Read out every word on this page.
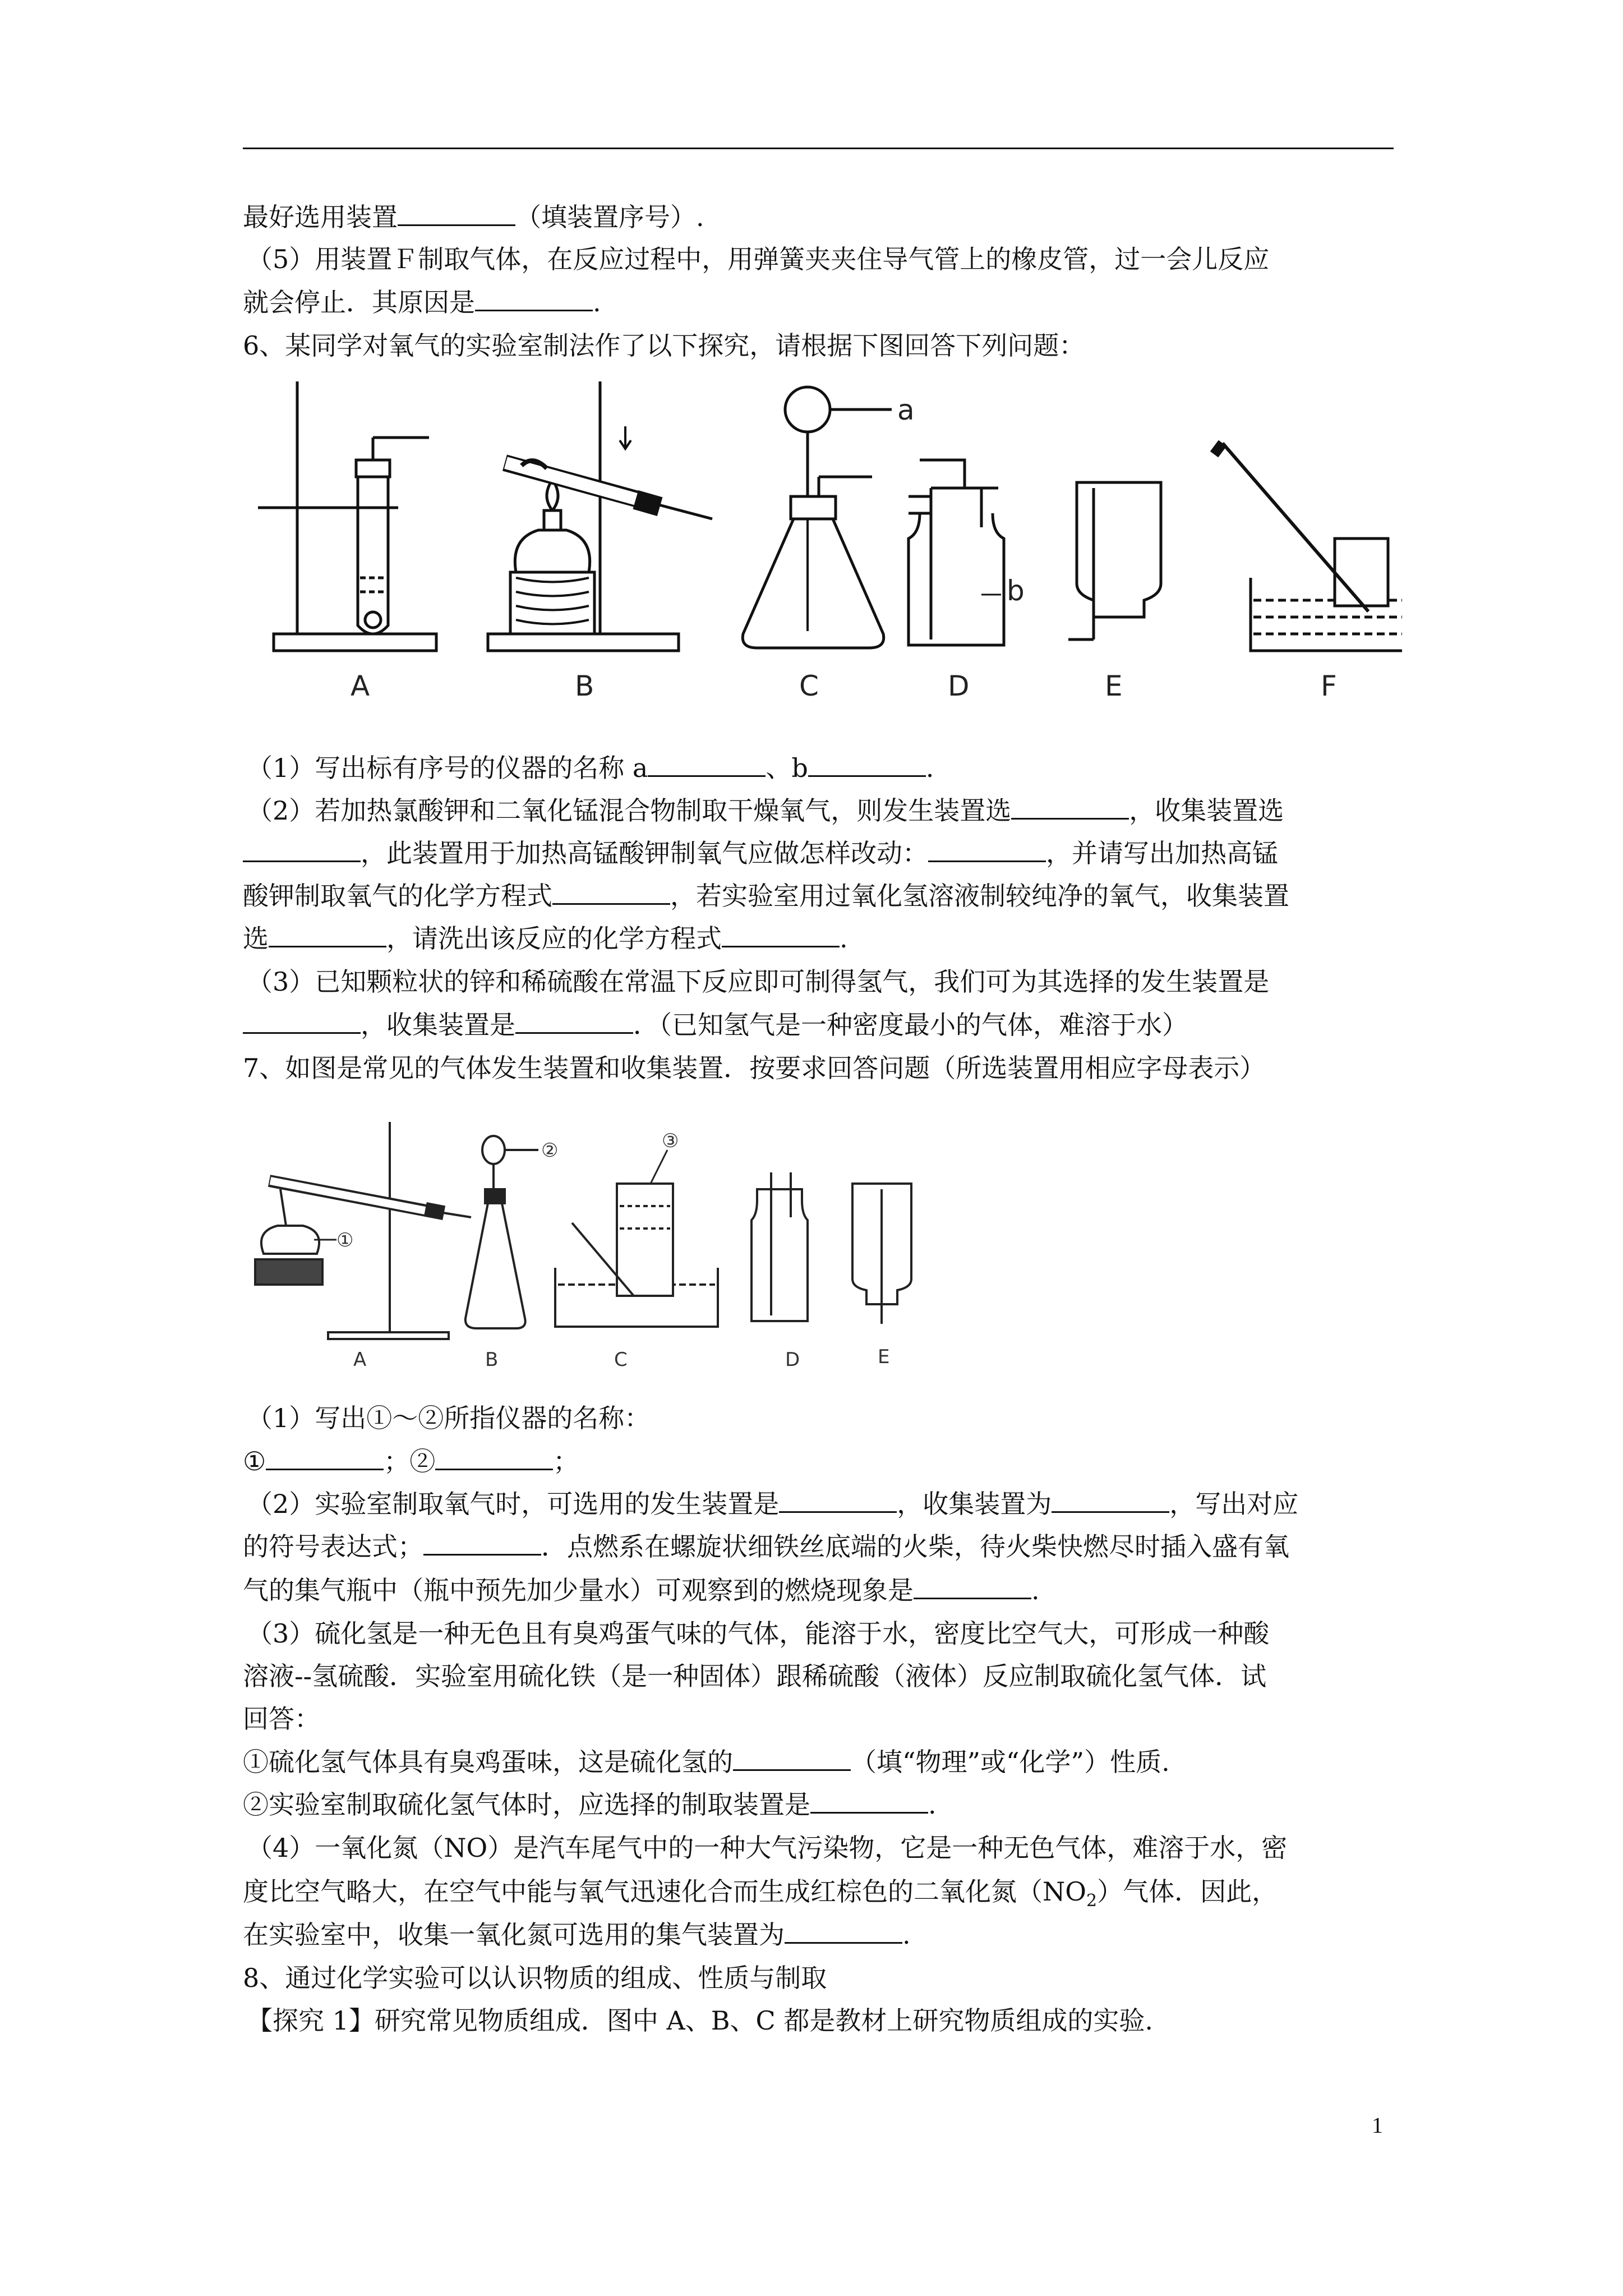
最好选用装置	（填装置序号）.
（5）用装置Ｆ制取气体，在反应过程中，用弹簧夹夹住导气管上的橡皮管，过一会儿反应
就会停止．其原因是	.
6、某同学对氧气的实验室制法作了以下探究，请根据下图回答下列问题：
（1）写出标有序号的仪器的名称 a	、b	.
（2）若加热氯酸钾和二氧化锰混合物制取干燥氧气，则发生装置选	，收集装置选
，此装置用于加热高锰酸钾制氧气应做怎样改动：	，并请写出加热高锰
酸钾制取氧气的化学方程式	，若实验室用过氧化氢溶液制较纯净的氧气，收集装置
选	，请洗出该反应的化学方程式	.
（3）已知颗粒状的锌和稀硫酸在常温下反应即可制得氢气，我们可为其选择的发生装置是
，收集装置是	．（已知氢气是一种密度最小的气体，难溶于水）
7、如图是常见的气体发生装置和收集装置．按要求回答问题（所选装置用相应字母表示）
（1）写出①～②所指仪器的名称：
①	；②	；
（2）实验室制取氧气时，可选用的发生装置是	，收集装置为	，写出对应
的符号表达式；	．点燃系在螺旋状细铁丝底端的火柴，待火柴快燃尽时插入盛有氧
气的集气瓶中（瓶中预先加少量水）可观察到的燃烧现象是	.
（3）硫化氢是一种无色且有臭鸡蛋气味的气体，能溶于水，密度比空气大，可形成一种酸
溶液--氢硫酸．实验室用硫化铁（是一种固体）跟稀硫酸（液体）反应制取硫化氢气体．试
回答：
①硫化氢气体具有臭鸡蛋味，这是硫化氢的	（填“物理”或“化学”）性质.
②实验室制取硫化氢气体时，应选择的制取装置是	.
（4）一氧化氮（NO）是汽车尾气中的一种大气污染物，它是一种无色气体，难溶于水，密
度比空气略大，在空气中能与氧气迅速化合而生成红棕色的二氧化氮$(NO_2)$气体．因此，
在实验室中，收集一氧化氮可选用的集气装置为	.
8、通过化学实验可以认识物质的组成、性质与制取
【探究 1】研究常见物质组成．图中 A、B、C 都是教材上研究物质组成的实验.
a
b
A	B	C	D	E	F
①
②	③
A	B	C	D	E
1
